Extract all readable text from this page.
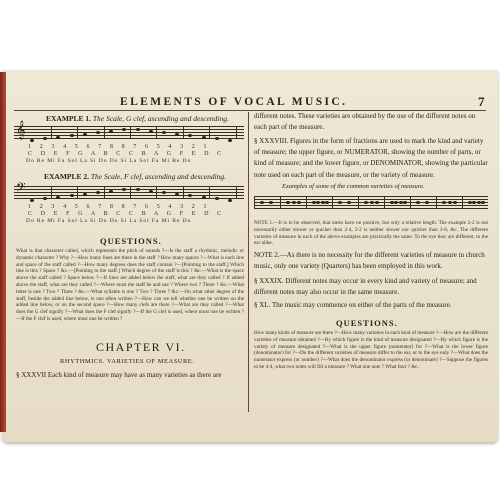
ELEMENTS OF VOCAL MUSIC.	7
EXAMPLE 1. The Scale, G clef, ascending and descending.
𝄞
1 2 3 4 5 6 7 8 8 7 6 5 4 3 2 1
C D E F G A B C C B A G F E D C
Do Re Mi Fa Sol La Si Do Do Si La Sol Fa Mi Re Do
EXAMPLE 2. The Scale, F clef, ascending and descending.
𝄢
1 2 3 4 5 6 7 8 8 7 6 5 4 3 2 1
C D E F G A B C C B A G F E D C
Do Re Mi Fa Sol La Si Do Do Si La Sol Fa Mi Re Do
QUESTIONS.
What is that character called, which represents the pitch of sounds ?—Is the staff a rhythmic, melodic or dynamic character ? Why ?—How many lines are there in the staff ? How many spaces ?—What is each line and space of the staff called ?—How many degrees does the staff contain ?—[Pointing to the staff.] Which line is this ? Space ? &c.—[Pointing to the staff.] Which degree of the staff is this ? &c.—What is the space above the staff called ? Space below ?—If lines are added below the staff, what are they called ? If added above the staff, what are they called ?—Where must the staff be and use ? Where two ? Three ? &c.—What letter is one ? Two ? Three ? &c.—What syllable is one ? Two ? Three ? &c.—On what other degree of the staff, beside the added line below, is one often written ?—How can we tell whether one be written on the added line below, or on the second space ?—How many clefs are there ?—What are they called ?—What does the G clef signify ?—What does the F clef signify ?—If the G clef is used, where must one be written ?—If the F clef is used, where must one be written ?
CHAPTER VI.
RHYTHMICS. VARIETIES OF MEASURE.
§ XXXVII Each kind of measure may have as many varieties as there are
different notes. These varieties are obtained by the use of the different notes on each part of the measure.
§ XXXVIII. Figures in the form of fractions are used to mark the kind and variety of measure; the upper figure, or NUMERATOR, showing the number of parts, or kind of measure; and the lower figure, or DENOMINATOR, showing the particular note used on each part of the measure, or the variety of measure.
Examples of some of the common varieties of measure.
NOTE 1.—It is to be observed, that notes have no positive, but only a relative length. The example 2-2 is not necessarily either slower or quicker than 2-4, 2-2 is neither slower nor quicker than 3-8, &c. The different varieties of measure in each of the above examples are practically the same. To the eye they are different, to the ear alike.
NOTE 2.—As there is no necessity for the different varieties of measure in church music, only one variety (Quarters) has been employed in this work.
§ XXXIX. Different notes may occur in every kind and variety of measure; and different notes may also occur in the same measure.
§ XL. The music may commence on either of the parts of the measure.
QUESTIONS.
How many kinds of measure are there ?—How many varieties in each kind of measure ?—How are the different varieties of measure obtained ?—By which figure is the kind of measure designated ?—By which figure is the variety of measure designated ?—What is the upper figure (numerator) for ?—What is the lower figure (denominator) for ?—Do the different varieties of measure differ to the ear, or to the eye only ?—What does the numerator express (or number) ?—What does the denominator express (or denominate) ?—Suppose the figures to be 4-4, what two notes will fill a measure ? What one note ? What four ? &c.
